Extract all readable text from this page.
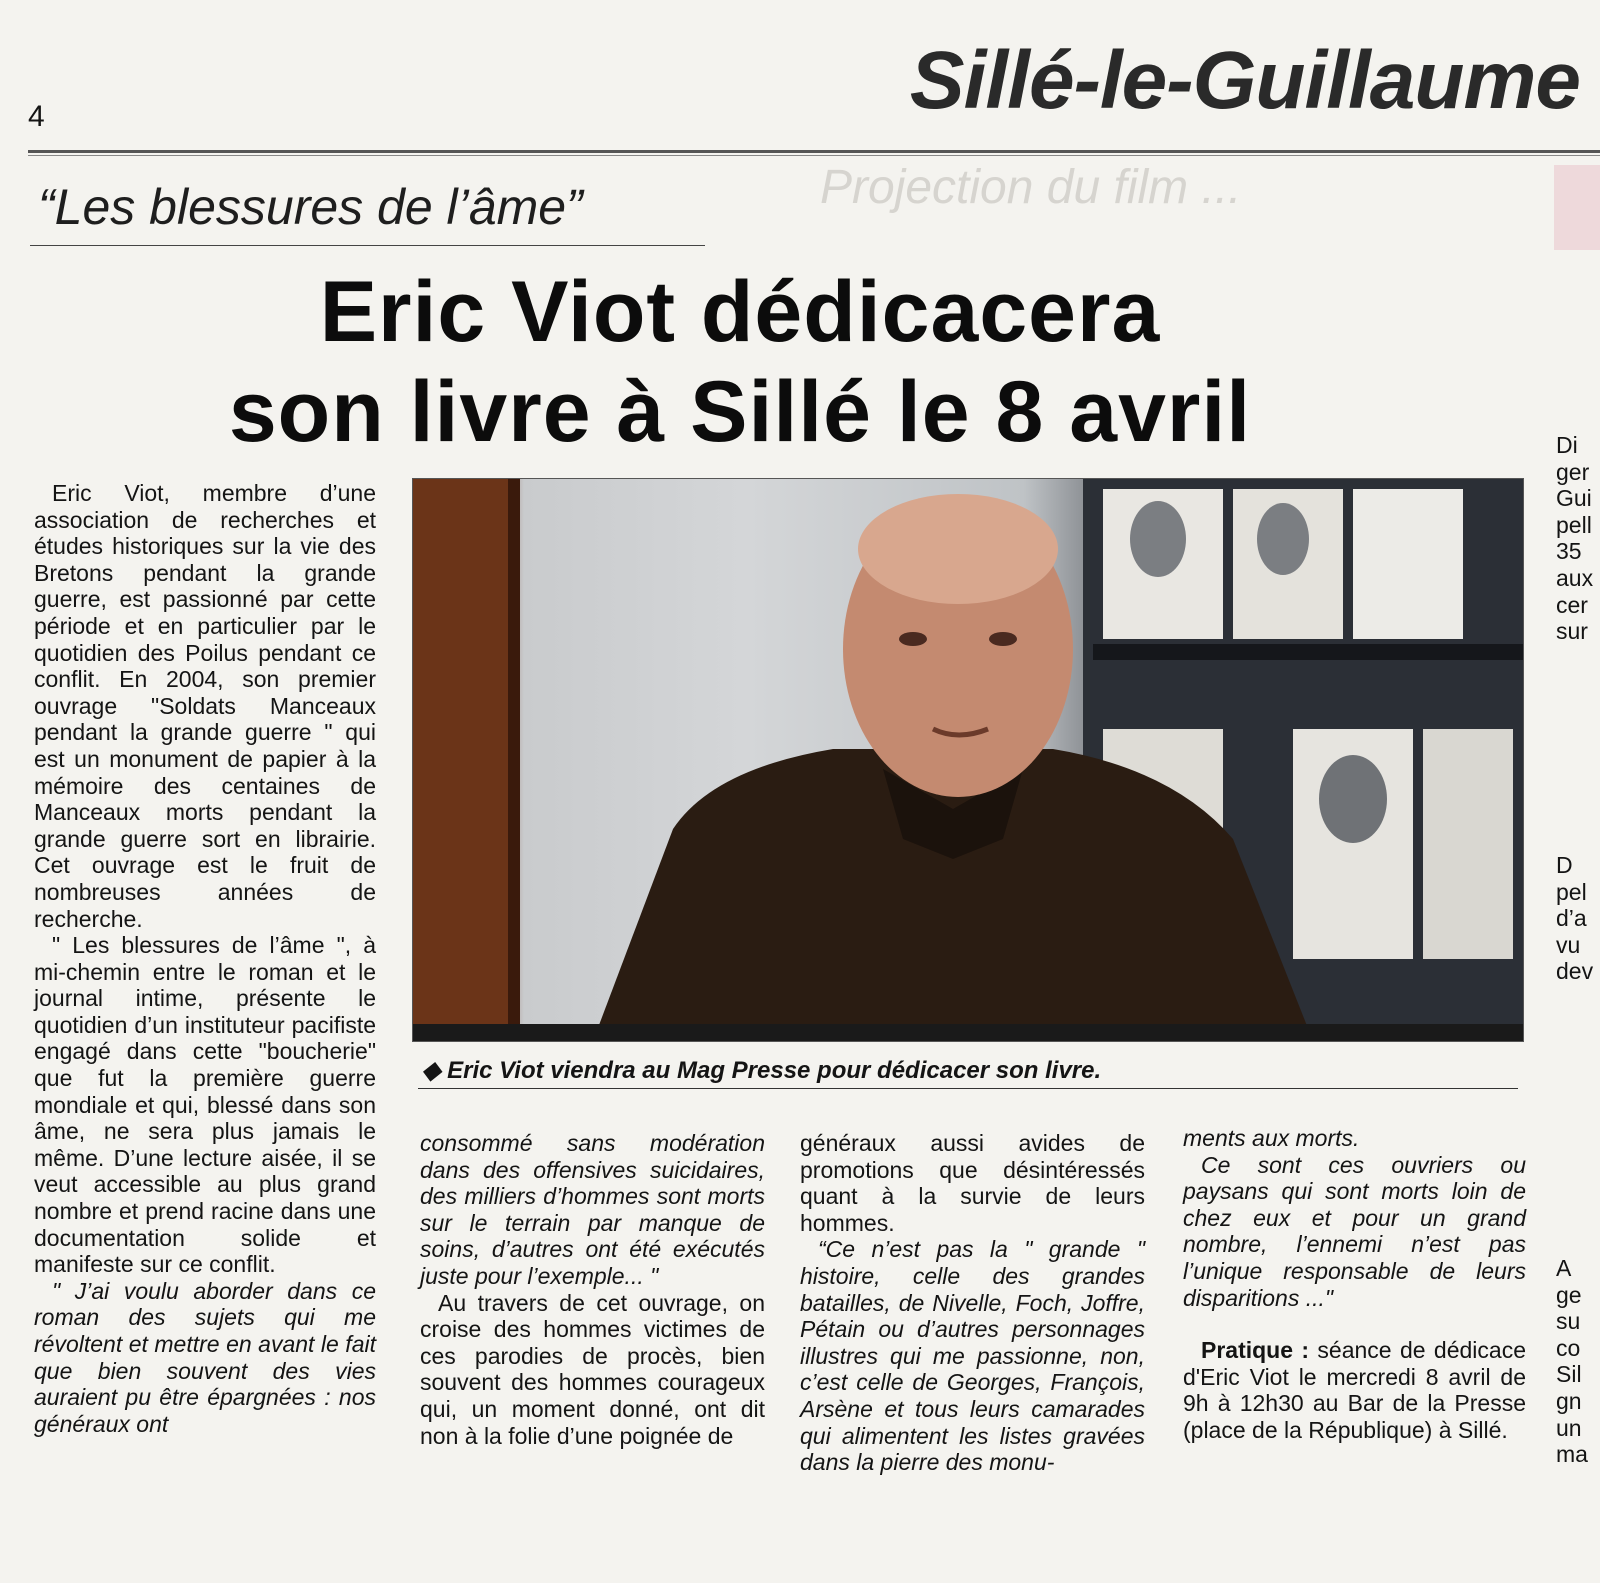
4	Sillé-le-Guillaume
Projection du film ...
“Les blessures de l’âme”
Eric Viot dédicacera
son livre à Sillé le 8 avril
◆ Eric Viot viendra au Mag Presse pour dédicacer son livre.

Eric Viot, membre d’une association de recherches et études historiques sur la vie des Bretons pendant la grande guerre, est passionné par cette période et en particulier par le quotidien des Poilus pendant ce conflit. En 2004, son premier ouvrage "Soldats Manceaux pendant la grande guerre " qui est un monument de papier à la mémoire des centaines de Manceaux morts pendant la grande guerre sort en librairie. Cet ouvrage est le fruit de nombreuses années de recherche.

" Les blessures de l’âme ", à mi-chemin entre le roman et le journal intime, présente le quotidien d’un instituteur pacifiste engagé dans cette "boucherie" que fut la première guerre mondiale et qui, blessé dans son âme, ne sera plus jamais le même. D’une lecture aisée, il se veut accessible au plus grand nombre et prend racine dans une documentation solide et manifeste sur ce conflit.

" J’ai voulu aborder dans ce roman des sujets qui me révoltent et mettre en avant le fait que bien souvent des vies auraient pu être épargnées : nos généraux ont

consommé sans modération dans des offensives suicidaires, des milliers d’hommes sont morts sur le terrain par manque de soins, d’autres ont été exécutés juste pour l’exemple... "

Au travers de cet ouvrage, on croise des hommes victimes de ces parodies de procès, bien souvent des hommes courageux qui, un moment donné, ont dit non à la folie d’une poignée de

généraux aussi avides de promotions que désintéressés quant à la survie de leurs hommes.

“Ce n’est pas la " grande " histoire, celle des grandes batailles, de Nivelle, Foch, Joffre, Pétain ou d’autres personnages illustres qui me passionne, non, c’est celle de Georges, François, Arsène et tous leurs camarades qui alimentent les listes gravées dans la pierre des monu-

ments aux morts.

Ce sont ces ouvriers ou paysans qui sont morts loin de chez eux et pour un grand nombre, l’ennemi n’est pas l’unique responsable de leurs disparitions ..."

Pratique : séance de dédicace d'Eric Viot le mercredi 8 avril de 9h à 12h30 au Bar de la Presse (place de la République) à Sillé.

Di
ger
Gui
pell
35
aux
cer
sur
D
pel
d’a
vu
dev
A
ge
su
co
Sil
gn
un
ma
